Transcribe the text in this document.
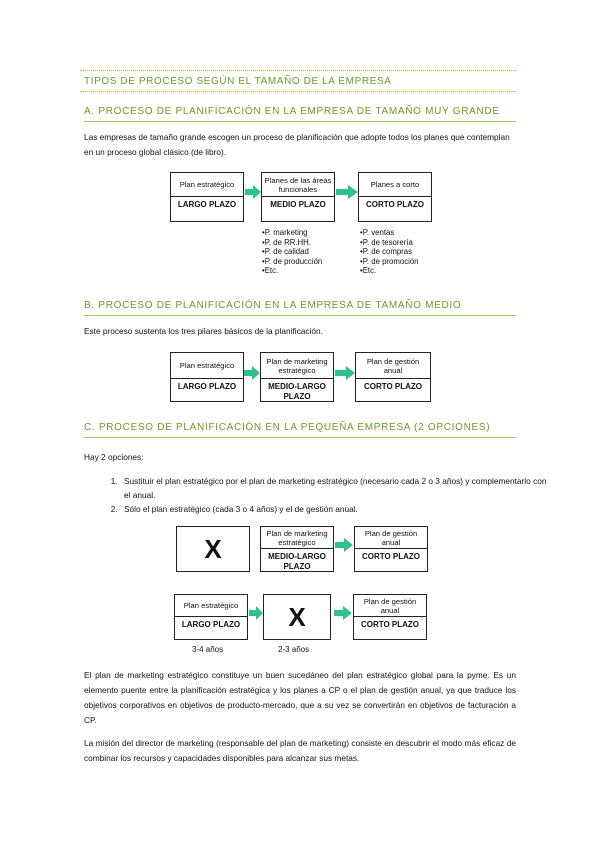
TIPOS DE PROCESO SEGÚN EL TAMAÑO DE LA EMPRESA
A. PROCESO DE PLANIFICACIÓN EN LA EMPRESA DE TAMAÑO MUY GRANDE
Las empresas de tamaño grande escogen un proceso de planificación que adopte todos los planes que contemplan en un proceso global clásico (de libro).
Plan estratégico
LARGO PLAZO
Planes de las áreas funcionales
MEDIO PLAZO
Planes a corto
CORTO PLAZO
•P. marketing
•P. de RR.HH.
•P. de calidad
•P. de producción
•Etc.
•P. ventas
•P. de tesorería
•P. de compras
•P. de promoción
•Etc.
B. PROCESO DE PLANIFICACIÓN EN LA EMPRESA DE TAMAÑO MEDIO
Este proceso sustenta los tres pilares básicos de la planificación.
Plan estratégico
LARGO PLAZO
Plan de marketing estratégico
MEDIO-LARGO PLAZO
Plan de gestión anual
CORTO PLAZO
C. PROCESO DE PLANIFICACIÓN EN LA PEQUEÑA EMPRESA (2 OPCIONES)
Hay 2 opciones:
1. Sustituir el plan estratégico por el plan de marketing estratégico (necesario cada 2 o 3 años) y complementarlo con el anual.
2. Sólo el plan estratégico (cada 3 o 4 años) y el de gestión anual.
X
Plan de marketing estratégico
MEDIO-LARGO PLAZO
Plan de gestión anual
CORTO PLAZO
Plan estratégico
LARGO PLAZO	X
Plan de gestión anual
CORTO PLAZO
3-4 años	2-3 años
El plan de marketing estratégico constituye un buen sucedáneo del plan estratégico global para la pyme. Es un elemento puente entre la planificación estratégica y los planes a CP o el plan de gestión anual, ya que traduce los objetivos corporativos en objetivos de producto-mercado, que a su vez se convertirán en objetivos de facturación a CP.
La misión del director de marketing (responsable del plan de marketing) consiste en descubrir el modo más eficaz de combinar los recursos y capacidades disponibles para alcanzar sus metas.
